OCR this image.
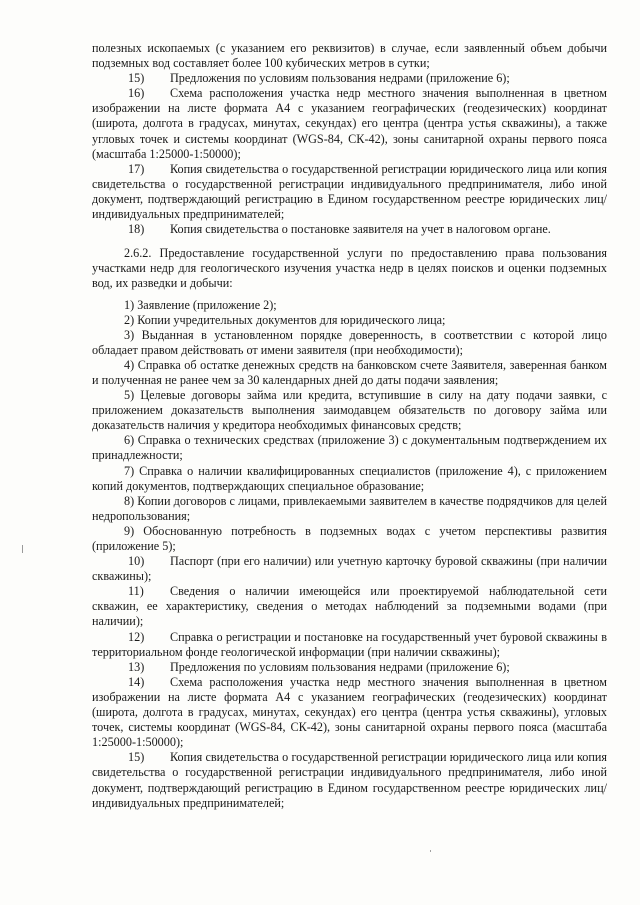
полезных ископаемых (с указанием его реквизитов) в случае, если заявленный объем добычи подземных вод составляет более 100 кубических метров в сутки;

15) Предложения по условиям пользования недрами (приложение 6);

16) Схема расположения участка недр местного значения выполненная в цветном изображении на листе формата А4 с указанием географических (геодезических) координат (широта, долгота в градусах, минутах, секундах) его центра (центра устья скважины), а также угловых точек и системы координат (WGS-84, СК-42), зоны санитарной охраны первого пояса (масштаба 1:25000-1:50000);

17) Копия свидетельства о государственной регистрации юридического лица или копия свидетельства о государственной регистрации индивидуального предпринимателя, либо иной документ, подтверждающий регистрацию в Едином государственном реестре юридических лиц/индивидуальных предпринимателей;

18) Копия свидетельства о постановке заявителя на учет в налоговом органе.

2.6.2. Предоставление государственной услуги по предоставлению права пользования участками недр для геологического изучения участка недр в целях поисков и оценки подземных вод, их разведки и добычи:

1) Заявление (приложение 2);

2) Копии учредительных документов для юридического лица;

3) Выданная в установленном порядке доверенность, в соответствии с которой лицо обладает правом действовать от имени заявителя (при необходимости);

4) Справка об остатке денежных средств на банковском счете Заявителя, заверенная банком и полученная не ранее чем за 30 календарных дней до даты подачи заявления;

5) Целевые договоры займа или кредита, вступившие в силу на дату подачи заявки, с приложением доказательств выполнения заимодавцем обязательств по договору займа или доказательств наличия у кредитора необходимых финансовых средств;

6) Справка о технических средствах (приложение 3) с документальным подтверждением их принадлежности;

7) Справка о наличии квалифицированных специалистов (приложение 4), с приложением копий документов, подтверждающих специальное образование;

8) Копии договоров с лицами, привлекаемыми заявителем в качестве подрядчиков для целей недропользования;

9) Обоснованную потребность в подземных водах с учетом перспективы развития (приложение 5);

10) Паспорт (при его наличии) или учетную карточку буровой скважины (при наличии скважины);

11) Сведения о наличии имеющейся или проектируемой наблюдательной сети скважин, ее характеристику, сведения о методах наблюдений за подземными водами (при наличии);

12) Справка о регистрации и постановке на государственный учет буровой скважины в территориальном фонде геологической информации (при наличии скважины);

13) Предложения по условиям пользования недрами (приложение 6);

14) Схема расположения участка недр местного значения выполненная в цветном изображении на листе формата А4 с указанием географических (геодезических) координат (широта, долгота в градусах, минутах, секундах) его центра (центра устья скважины), угловых точек, системы координат (WGS-84, СК-42), зоны санитарной охраны первого пояса (масштаба 1:25000-1:50000);

15) Копия свидетельства о государственной регистрации юридического лица или копия свидетельства о государственной регистрации индивидуального предпринимателя, либо иной документ, подтверждающий регистрацию в Едином государственном реестре юридических лиц/индивидуальных предпринимателей;
